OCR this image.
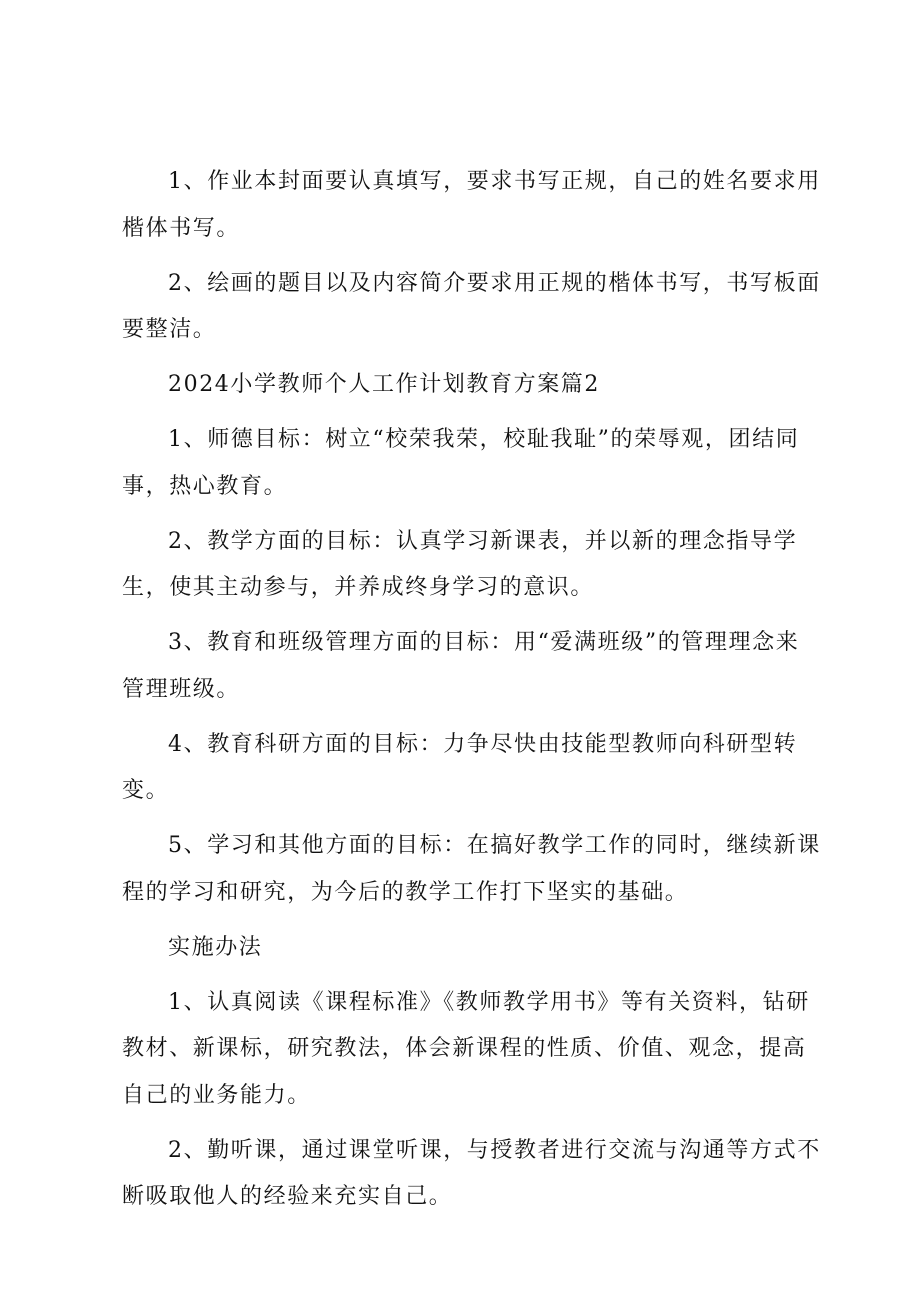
1、作业本封面要认真填写，要求书写正规，自己的姓名要求用楷体书写。

2、绘画的题目以及内容简介要求用正规的楷体书写，书写板面要整洁。

2024小学教师个人工作计划教育方案篇2

1、师德目标：树立“校荣我荣，校耻我耻”的荣辱观，团结同事，热心教育。

2、教学方面的目标：认真学习新课表，并以新的理念指导学生，使其主动参与，并养成终身学习的意识。

3、教育和班级管理方面的目标：用“爱满班级”的管理理念来管理班级。

4、教育科研方面的目标：力争尽快由技能型教师向科研型转变。

5、学习和其他方面的目标：在搞好教学工作的同时，继续新课程的学习和研究，为今后的教学工作打下坚实的基础。

实施办法

1、认真阅读《课程标准》《教师教学用书》等有关资料，钻研教材、新课标，研究教法，体会新课程的性质、价值、观念，提高自己的业务能力。

2、勤听课，通过课堂听课，与授教者进行交流与沟通等方式不断吸取他人的经验来充实自己。
